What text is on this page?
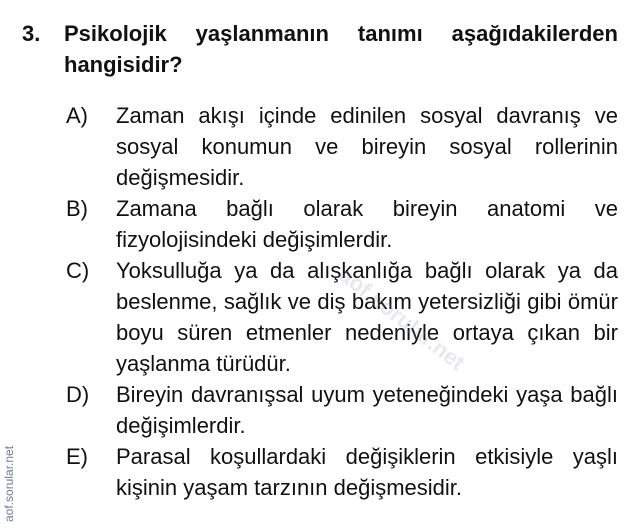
3.	Psikolojik yaşlanmanın tanımı aşağıdakilerden hangisidir?
A)	Zaman akışı içinde edinilen sosyal davranış ve sosyal konumun ve bireyin sosyal rollerinin değişmesidir.
B)	Zamana bağlı olarak bireyin anatomi ve fizyolojisindeki değişimlerdir.
C)	Yoksulluğa ya da alışkanlığa bağlı olarak ya da beslenme, sağlık ve diş bakım yetersizliği gibi ömür boyu süren etmenler nedeniyle ortaya çıkan bir yaşlanma türüdür.
D)	Bireyin davranışsal uyum yeteneğindeki yaşa bağlı değişimlerdir.
E)	Parasal koşullardaki değişiklerin etkisiyle yaşlı kişinin yaşam tarzının değişmesidir.
aof.sorular.net
aof.sorular.net
